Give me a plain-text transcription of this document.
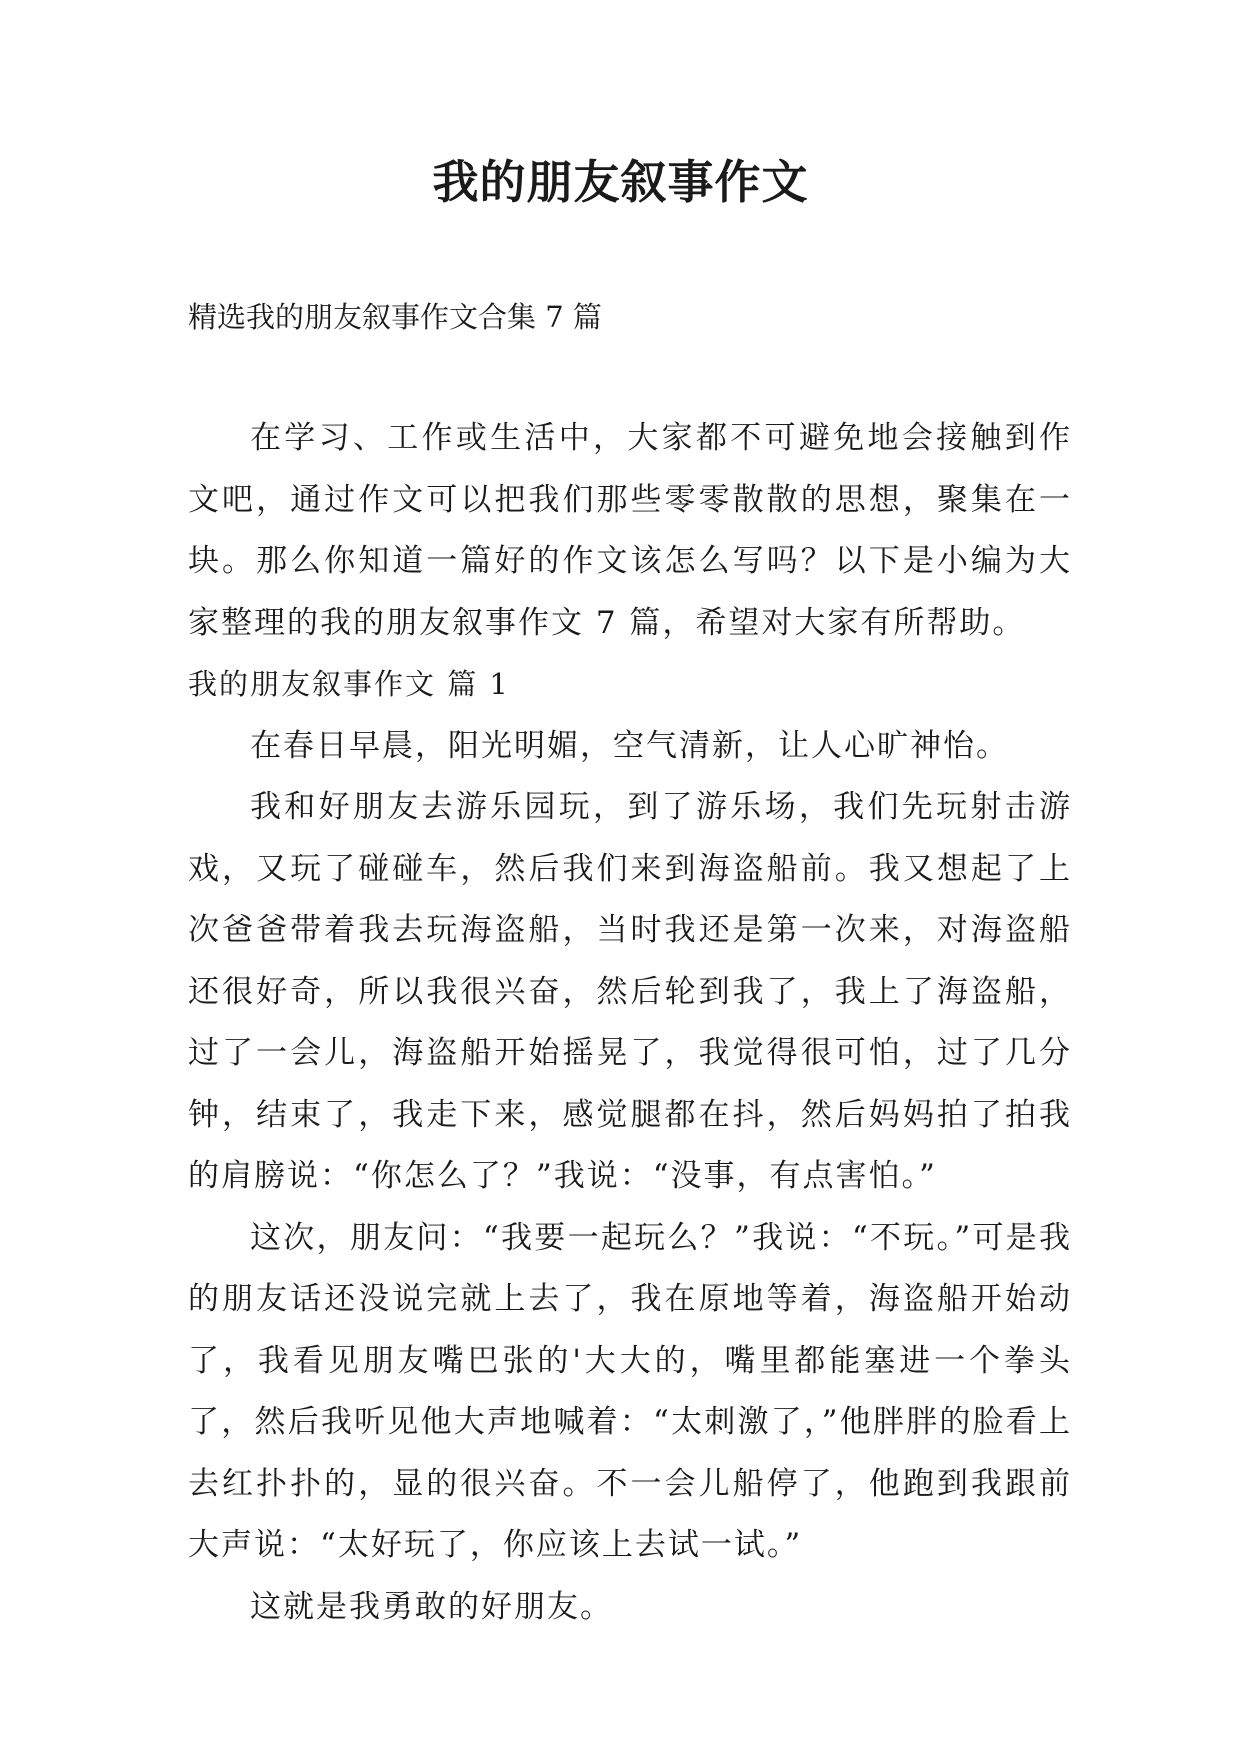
我的朋友叙事作文

精选我的朋友叙事作文合集 7 篇

在学习、工作或生活中，大家都不可避免地会接触到作文吧，通过作文可以把我们那些零零散散的思想，聚集在一块。那么你知道一篇好的作文该怎么写吗？以下是小编为大家整理的我的朋友叙事作文 7 篇，希望对大家有所帮助。

我的朋友叙事作文 篇 1

在春日早晨，阳光明媚，空气清新，让人心旷神怡。

我和好朋友去游乐园玩，到了游乐场，我们先玩射击游戏，又玩了碰碰车，然后我们来到海盗船前。我又想起了上次爸爸带着我去玩海盗船，当时我还是第一次来，对海盗船还很好奇，所以我很兴奋，然后轮到我了，我上了海盗船，过了一会儿，海盗船开始摇晃了，我觉得很可怕，过了几分钟，结束了，我走下来，感觉腿都在抖，然后妈妈拍了拍我的肩膀说：“你怎么了？”我说：“没事，有点害怕。”

这次，朋友问：“我要一起玩么？”我说：“不玩。”可是我的朋友话还没说完就上去了，我在原地等着，海盗船开始动了，我看见朋友嘴巴张的'大大的，嘴里都能塞进一个拳头了，然后我听见他大声地喊着：“太刺激了，”他胖胖的脸看上去红扑扑的，显的很兴奋。不一会儿船停了，他跑到我跟前大声说：“太好玩了，你应该上去试一试。”

这就是我勇敢的好朋友。
